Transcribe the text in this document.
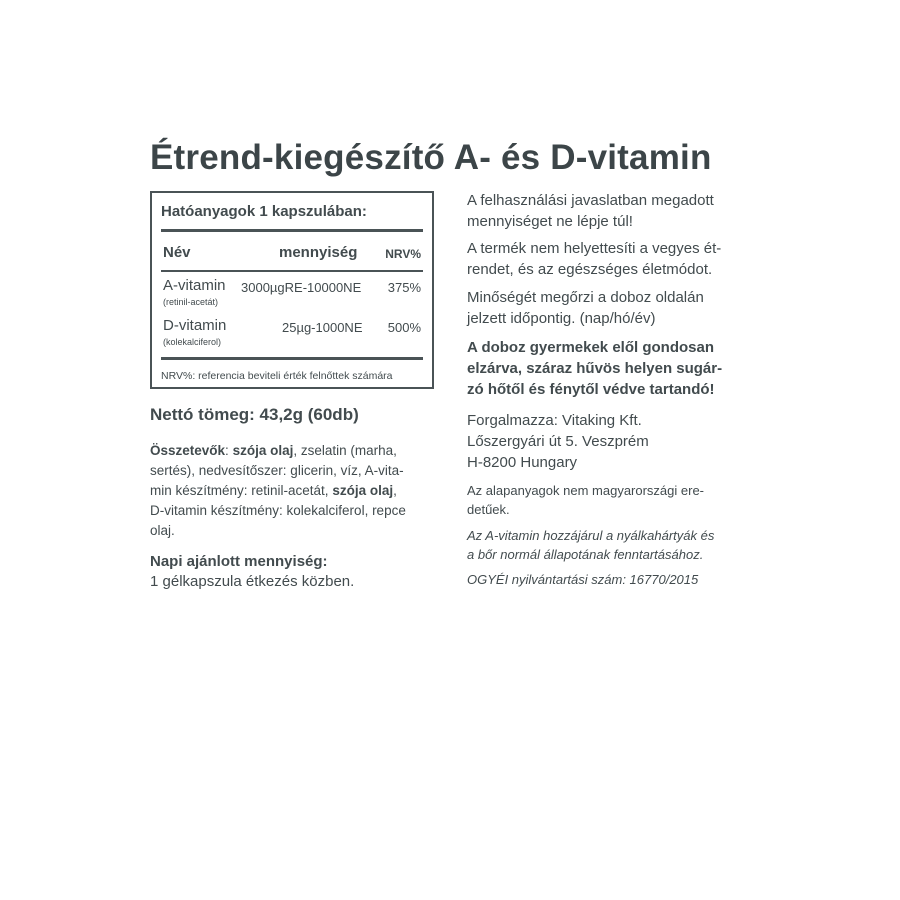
Étrend-kiegészítő A- és D-vitamin
Hatóanyagok 1 kapszulában:
Név	mennyiség NRV%
A-vitamin
(retinil-acetát)
3000µgRE-10000NE 375%
D-vitamin
(kolekalciferol)
25µg-1000NE 500%
NRV%: referencia beviteli érték felnőttek számára
Nettó tömeg: 43,2g (60db)
Összetevők: szója olaj, zselatin (marha,
sertés), nedvesítőszer: glicerin, víz, A-vita-
min készítmény: retinil-acetát, szója olaj,
D-vitamin készítmény: kolekalciferol, repce
olaj.
Napi ajánlott mennyiség:
1 gélkapszula étkezés közben.
A felhasználási javaslatban megadott
mennyiséget ne lépje túl!
A termék nem helyettesíti a vegyes ét-
rendet, és az egészséges életmódot.
Minőségét megőrzi a doboz oldalán
jelzett időpontig. (nap/hó/év)
A doboz gyermekek elől gondosan
elzárva, száraz hűvös helyen sugár-
zó hőtől és fénytől védve tartandó!
Forgalmazza: Vitaking Kft.
Lőszergyári út 5. Veszprém
H-8200 Hungary
Az alapanyagok nem magyarországi ere-
detűek.
Az A-vitamin hozzájárul a nyálkahártyák és
a bőr normál állapotának fenntartásához.
OGYÉI nyilvántartási szám: 16770/2015
